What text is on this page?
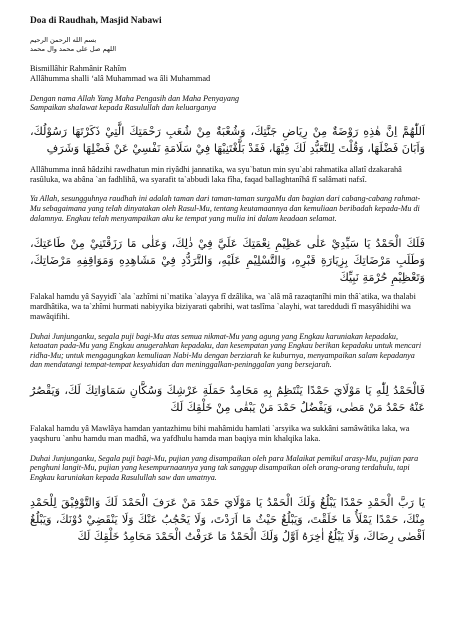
Doa di Raudhah, Masjid Nabawi
بسم الله الرحمن الرحيم
اللهم صل على محمد وال محمد

Bismillâhir Rahmânir Rahîm

Allâhumma shalli ‘alâ Muhammad wa âli Muhammad

Dengan nama Allah Yang Maha Pengasih dan Maha Penyayang

Sampaikan shalawat kepada Rasulullah dan keluarganya

اَللّٰهُمَّ اِنَّ هٰذِهِ رَوْضَةٌ مِنْ رِيَاضِ جَنَّتِكَ، وَشُعْبَةٌ مِنْ شُعَبِ رَحْمَتِكَ الَّتِيْ ذَكَرْتَهَا رَسُوْلُكَ، وَاَبَانَ فَضْلَهَا، وَقُلْتَ لِلتَّعَبُّدِ لَكَ فِيْهَا، فَقَدْ بَلَّغْتَنِيْهَا فِيْ سَلَامَةِ نَفْسِيْ عَنْ فَضْلِهَا وَشَرَفِ

Allâhumma innâ hâdzihi rawdhatun min riyâdhi jannatika, wa syu`batun min syu`abi rahmatika allatî dzakarahâ rasûluka, wa abâna `an fadhlihâ, wa syarafit ta`abbudi laka fîha, faqad ballaghtanîhâ fî salâmati nafsî.

Ya Allah, sesungguhnya raudhah ini adalah taman dari taman-taman surgaMu dan bagian dari cabang-cabang rahmat-Mu sebagaimana yang telah dinyatakan oleh Rasul-Mu, tentang keutamaannya dan kemuliaan beribadah kepada-Mu di dalamnya. Engkau telah menyampaikan aku ke tempat yang mulia ini dalam keadaan selamat.

فَلَكَ الْحَمْدُ يَا سَيِّدِيْ عَلٰى عَظِيْمِ نِعْمَتِكَ عَلَيَّ فِيْ ذٰلِكَ، وَعَلٰى مَا رَزَقْتَنِيْ مِنْ طَاعَتِكَ، وَطَلَبِ مَرْضَاتِكَ بِزِيَارَةِ قَبْرِهِ، وَالتَّسْلِيْمِ عَلَيْهِ، وَالتَّرَدُّدِ فِيْ مَشَاهِدِهِ وَمَوَاقِفِهِ مَرْضَاتِكَ، وَتَعْظِيْمِ حُرْمَةِ نَبِيِّكَ

Falakal hamdu yâ Sayyidî `ala `azhîmi ni`matika `alayya fî dzâlika, wa `alâ mâ razaqtanîhi min thâ`atika, wa thalabi mardhâtika, wa ta`zhîmi hurmati nabiyyika biziyarati qabrihi, wat taslîma `alayhi, wat tareddudi fî masyâhidihi wa mawâqifihi.

Duhai Junjunganku, segala puji bagi-Mu atas semua nikmat-Mu yang agung yang Engkau karuniakan kepadaku, ketaatan pada-Mu yang Engkau anugerahkan kepadaku, dan kesempatan yang Engkau berikan kepadaku untuk mencari ridha-Mu; untuk mengagungkan kemuliaan Nabi-Mu dengan berziarah ke kuburnya, menyampaikan salam kepadanya dan mendatangi tempat-tempat kesyahidan dan meninggalkan-peninggalan yang bersejarah.

فَالْحَمْدُ لِلّٰهِ يَا مَوْلَايَ حَمْدًا يَنْتَظِمُ بِهِ مَحَامِدُ حَمَلَةِ عَرْشِكَ وَسُكَّانِ سَمَاوَاتِكَ لَكَ، وَيَقْصُرُ عَنْهُ حَمْدُ مَنْ مَضٰى، وَيَفْضُلُ حَمْدَ مَنْ يَبْقٰى مِنْ خَلْقِكَ لَكَ

Falakal hamdu yâ Mawlâya hamdan yantazhimu bihi mahâmidu hamlati `arsyika wa sukkâni samâwâtika laka, wa yaqshuru `anhu hamdu man madhâ, wa yafdhulu hamda man baqiya min khalqika laka.

Duhai Junjunganku, Segala puji bagi-Mu, pujian yang disampaikan oleh para Malaikat pemikul arasy-Mu, pujian para penghuni langit-Mu, pujian yang kesempurnaannya yang tak sanggup disampaikan oleh orang-orang terdahulu, tapi Engkau karuniakan kepada Rasulullah saw dan umatnya.

يَا رَبَّ الْحَمْدِ حَمْدًا يَبْلُغُ وَلَكَ الْحَمْدُ يَا مَوْلَايَ حَمْدَ مَنْ عَرَفَ الْحَمْدَ لَكَ وَالتَّوْفِيْقَ لِلْحَمْدِ مِنْكَ، حَمْدًا يَمْلَأُ مَا خَلَقْتَ، وَيَبْلُغُ حَيْثُ مَا اَرَدْتَ، وَلَا يَحْجُبُ عَنْكَ وَلَا يَنْقَضِيْ دُوْنَكَ، وَيَبْلُغُ اَقْصٰى رِضَاكَ، وَلَا يَبْلُغُ اٰخِرَهُ اَوَّلُ وَلَكَ الْحَمْدُ مَا عَرَفْتُ الْحَمْدَ مَحَامِدُ خَلْقِكَ لَكَ
